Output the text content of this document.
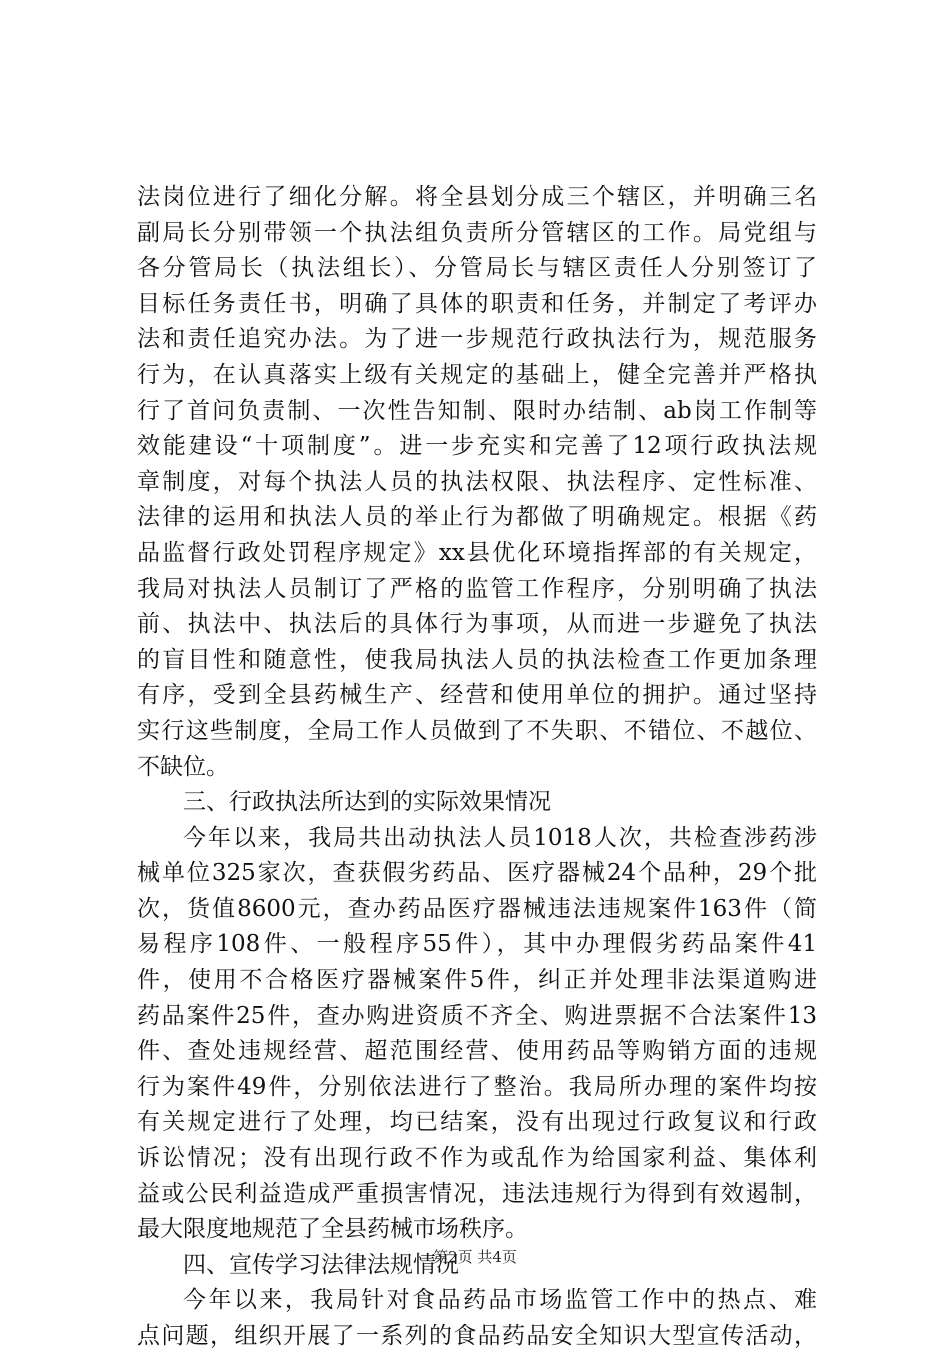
法岗位进行了细化分解。将全县划分成三个辖区，并明确三名
副局长分别带领一个执法组负责所分管辖区的工作。局党组与
各分管局长（执法组长）、分管局长与辖区责任人分别签订了
目标任务责任书，明确了具体的职责和任务，并制定了考评办
法和责任追究办法。为了进一步规范行政执法行为，规范服务
行为，在认真落实上级有关规定的基础上，健全完善并严格执
行了首问负责制、一次性告知制、限时办结制、ab岗工作制等
效能建设“十项制度”。进一步充实和完善了12项行政执法规
章制度，对每个执法人员的执法权限、执法程序、定性标准、
法律的运用和执法人员的举止行为都做了明确规定。根据《药
品监督行政处罚程序规定》xx县优化环境指挥部的有关规定，
我局对执法人员制订了严格的监管工作程序，分别明确了执法
前、执法中、执法后的具体行为事项，从而进一步避免了执法
的盲目性和随意性，使我局执法人员的执法检查工作更加条理
有序，受到全县药械生产、经营和使用单位的拥护。通过坚持
实行这些制度，全局工作人员做到了不失职、不错位、不越位、
不缺位。
三、行政执法所达到的实际效果情况
今年以来，我局共出动执法人员1018人次，共检查涉药涉
械单位325家次，查获假劣药品、医疗器械24个品种，29个批
次，货值8600元，查办药品医疗器械违法违规案件163件（简
易程序108件、一般程序55件），其中办理假劣药品案件41
件，使用不合格医疗器械案件5件，纠正并处理非法渠道购进
药品案件25件，查办购进资质不齐全、购进票据不合法案件13
件、查处违规经营、超范围经营、使用药品等购销方面的违规
行为案件49件，分别依法进行了整治。我局所办理的案件均按
有关规定进行了处理，均已结案，没有出现过行政复议和行政
诉讼情况；没有出现行政不作为或乱作为给国家利益、集体利
益或公民利益造成严重损害情况，违法违规行为得到有效遏制，
最大限度地规范了全县药械市场秩序。
四、宣传学习法律法规情况
今年以来，我局针对食品药品市场监管工作中的热点、难
点问题，组织开展了一系列的食品药品安全知识大型宣传活动，
第2页 共4页
